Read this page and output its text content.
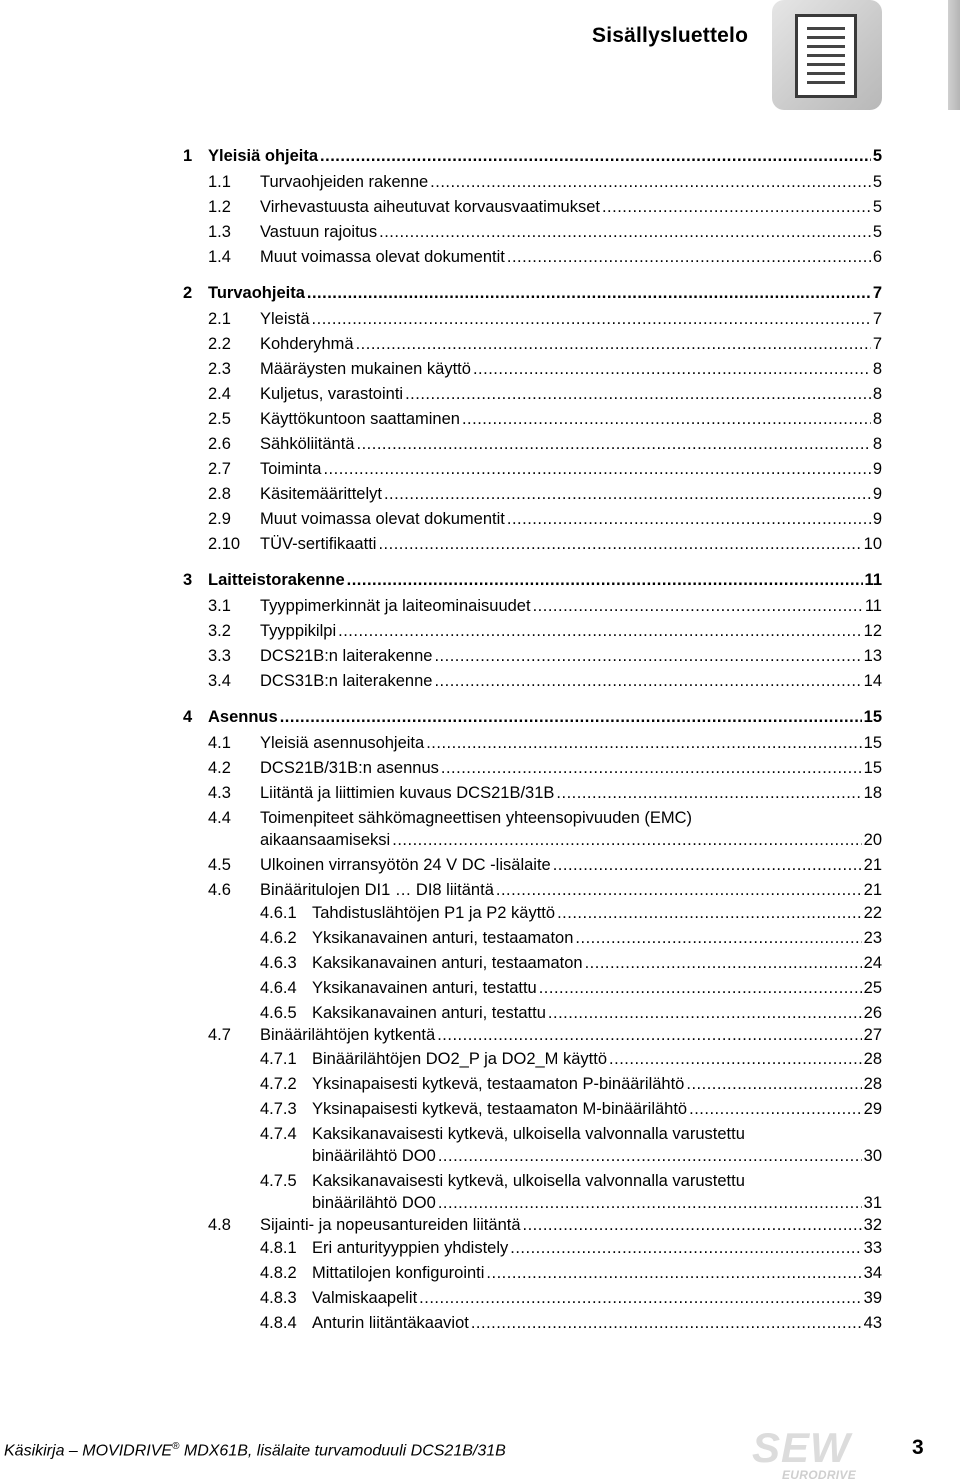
Sisällysluettelo
1 Yleisiä ohjeita .....	5
1.1 Turvaohjeiden rakenne .....	5
1.2 Virhevastuusta aiheutuvat korvausvaatimukset .....	5
1.3 Vastuun rajoitus .....	5
1.4 Muut voimassa olevat dokumentit .....	6
2 Turvaohjeita .....	7
2.1 Yleistä .....	7
2.2 Kohderyhmä .....	7
2.3 Määräysten mukainen käyttö .....	8
2.4 Kuljetus, varastointi .....	8
2.5 Käyttökuntoon saattaminen .....	8
2.6 Sähköliitäntä .....	8
2.7 Toiminta .....	9
2.8 Käsitemäärittelyt .....	9
2.9 Muut voimassa olevat dokumentit .....	9
2.10 TÜV-sertifikaatti .....	10
3 Laitteistorakenne .....	11
3.1 Tyyppimerkinnät ja laiteominaisuudet .....	11
3.2 Tyyppikilpi .....	12
3.3 DCS21B:n laiterakenne .....	13
3.4 DCS31B:n laiterakenne .....	14
4 Asennus .....	15
4.1 Yleisiä asennusohjeita .....	15
4.2 DCS21B/31B:n asennus .....	15
4.3 Liitäntä ja liittimien kuvaus DCS21B/31B .....	18
4.4 Toimenpiteet sähkömagneettisen yhteensopivuuden (EMC)
aikaansaamiseksi .....	20
4.5 Ulkoinen virransyötön 24 V DC -lisälaite .....	21
4.6 Binääritulojen DI1 … DI8 liitäntä .....	21
4.6.1 Tahdistuslähtöjen P1 ja P2 käyttö .....	22
4.6.2 Yksikanavainen anturi, testaamaton .....	23
4.6.3 Kaksikanavainen anturi, testaamaton .....	24
4.6.4 Yksikanavainen anturi, testattu .....	25
4.6.5 Kaksikanavainen anturi, testattu .....	26
4.7 Binäärilähtöjen kytkentä .....	27
4.7.1 Binäärilähtöjen DO2_P ja DO2_M käyttö .....	28
4.7.2 Yksinapaisesti kytkevä, testaamaton P-binäärilähtö .....	28
4.7.3 Yksinapaisesti kytkevä, testaamaton M-binäärilähtö .....	29
4.7.4 Kaksikanavaisesti kytkevä, ulkoisella valvonnalla varustettu
binäärilähtö DO0 .....	30
4.7.5 Kaksikanavaisesti kytkevä, ulkoisella valvonnalla varustettu
binäärilähtö DO0 .....	31
4.8 Sijainti- ja nopeusantureiden liitäntä .....	32
4.8.1 Eri anturityyppien yhdistely .....	33
4.8.2 Mittatilojen konfigurointi .....	34
4.8.3 Valmiskaapelit .....	39
4.8.4 Anturin liitäntäkaaviot .....	43
Käsikirja – MOVIDRIVE® MDX61B, lisälaite turvamoduuli DCS21B/31B	SEW
EURODRIVE
3
